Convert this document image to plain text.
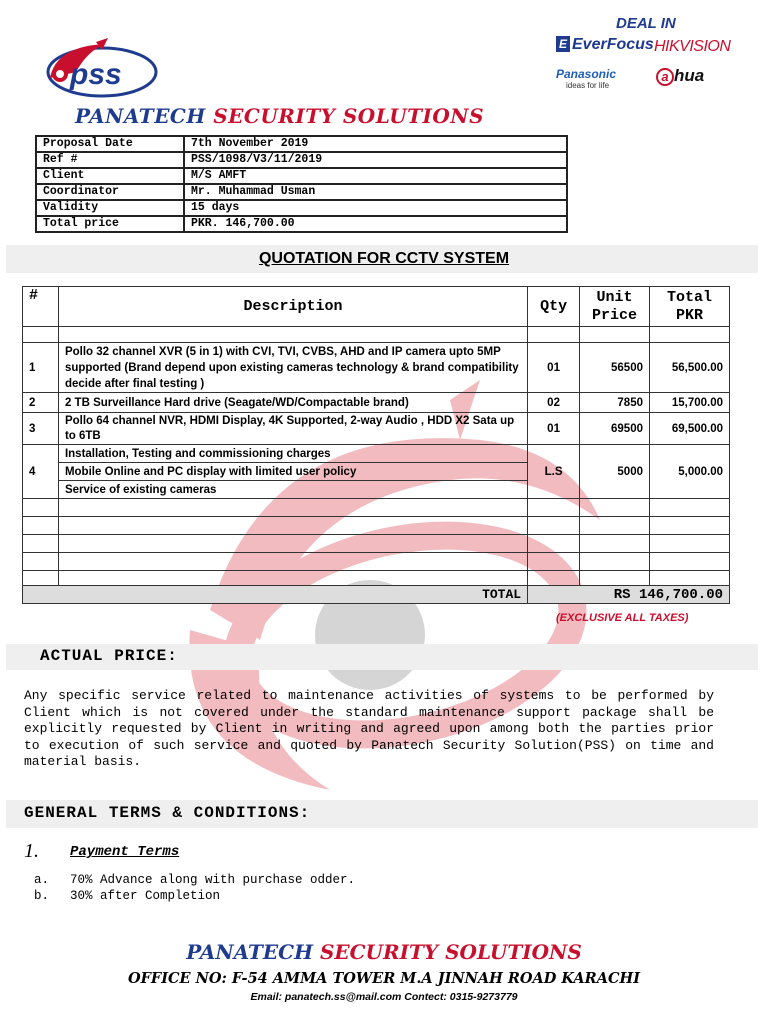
pss
PANATECH SECURITY SOLUTIONS
DEAL IN
E EverFocus HIKVISION
Panasonic
ideas for life
a hua
Proposal Date	7th November 2019
Ref #	PSS/1098/V3/11/2019
Client	M/S AMFT
Coordinator	Mr. Muhammad Usman
Validity	15 days
Total price	PKR. 146,700.00
QUOTATION FOR CCTV SYSTEM
#	Description	Qty	Unit Price	Total PKR

1	Pollo 32 channel XVR (5 in 1) with CVI, TVI, CVBS, AHD and IP camera upto 5MP supported (Brand depend upon existing cameras technology & brand compatibility decide after final testing )	01	56500	56,500.00
2	2 TB Surveillance Hard drive (Seagate/WD/Compactable brand)	02	7850	15,700.00
3	Pollo 64 channel NVR, HDMI Display, 4K Supported, 2-way Audio , HDD X2 Sata up to 6TB	01	69500	69,500.00
4	Installation, Testing and commissioning charges	L.S	5000	5,000.00
	Mobile Online and PC display with limited user policy			
	Service of existing cameras			

TOTAL		RS 146,700.00		
(EXCLUSIVE ALL TAXES)
ACTUAL PRICE:
Any specific service related to maintenance activities of systems to be performed by Client which is not covered under the standard maintenance support package shall be explicitly requested by Client in writing and agreed upon among both the parties prior to execution of such service and quoted by Panatech Security Solution(PSS) on time and material basis.
GENERAL TERMS & CONDITIONS:
1. Payment Terms
a. 70% Advance along with purchase odder.
b. 30% after Completion
PANATECH SECURITY SOLUTIONS
OFFICE NO: F-54 AMMA TOWER M.A JINNAH ROAD KARACHI
Email: panatech.ss@mail.com Contect: 0315-9273779
